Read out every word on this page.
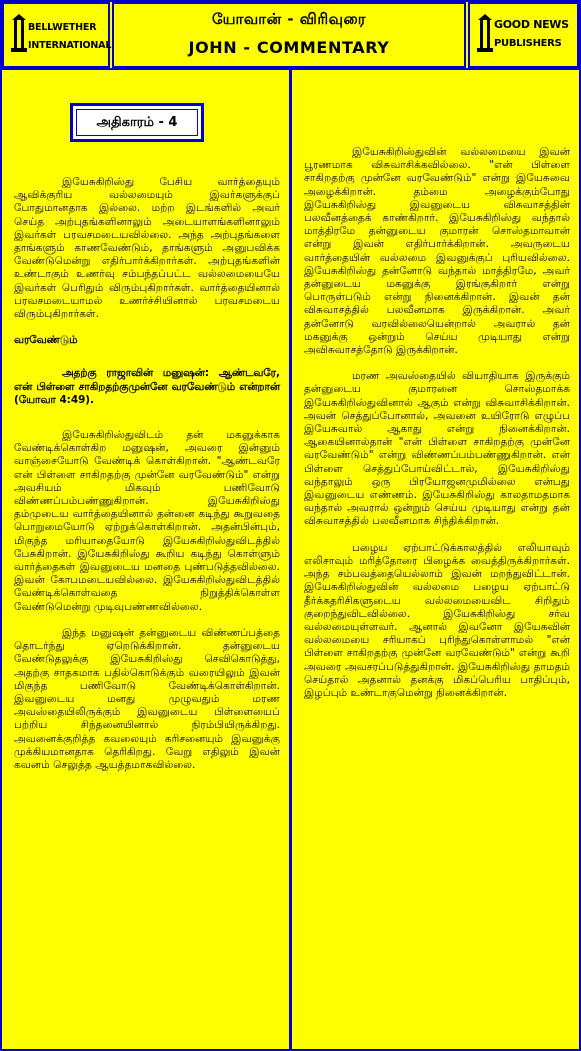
BELLWETHER
INTERNATIONAL
யோவான் - விரிவுரை
JOHN - COMMENTARY
GOOD NEWS
PUBLISHERS
அதிகாரம் - 4

இயேசுகிறிஸ்து பேசிய வார்த்தையும் ஆவிக்குரிய வல்லமையும் இவர்களுக்குப் போதுமானதாக இல்லை. மற்ற இடங்களில் அவர் செய்த அற்புதங்களினாலும் அடையாளங்களினாலும் இவர்கள் பரவசமடையவில்லை. அந்த அற்புதங்களை தாங்களும் காணவேண்டும், தாங்களும் அனுபவிக்க வேண்டுமென்று எதிர்பார்க்கிறார்கள். அற்புதங்களின் உண்டாகும் உணர்வு சம்பந்தப்பட்ட வல்லமையையே இவர்கள் பெரிதும் விரும்புகிறார்கள். வார்த்தையினால் பரவசமடையாமல் உணர்ச்சியினால் பரவசமடைய விரும்புகிறார்கள்.

வரவேண்டும்
அதற்கு ராஜாவின் மனுஷன்: ஆண்டவரே, என் பிள்ளை சாகிறதற்குமுன்னே வரவேண்டும் என்றான் (யோவா 4:49).

இயேசுகிறிஸ்துவிடம் தன் மகனுக்காக வேண்டிக்கொள்கிற மனுஷன், அவரை இன்னும் வாஞ்சையோடு வேண்டிக் கொள்கிறான். "ஆண்டவரே என் பிள்ளை சாகிறதற்கு முன்னே வரவேண்டும்" என்று அவசியம் மிகவும் பணிவோடு விண்ணப்பம்பண்ணுகிறான். இயேசுகிறிஸ்து தம்முடைய வார்த்தையினால் தன்னை கடிந்து கூறுவதை பொறுமையோடு ஏற்றுக்கொள்கிறான். அதன்பின்பும், மிகுந்த மரியாதையோடு இயேசுகிறிஸ்துவிடத்தில் பேசுகிறான். இயேசுகிறிஸ்து கூறிய கடிந்து கொள்ளும் வார்த்தைகள் இவனுடைய மனதை புண்படுத்தவில்லை. இவன் கோபமடையவில்லை. இயேசுகிறிஸ்துவிடத்தில் வேண்டிக்கொள்வதை நிறுத்திக்கொள்ள வேண்டுமென்று முடிவுபண்ணவில்லை.

இந்த மனுஷன் தன்னுடைய விண்ணப்பத்தை தொடர்ந்து ஏறெடுக்கிறான். தன்னுடைய வேண்டுதலுக்கு இயேசுகிறிஸ்து செவிகொடுத்து, அதற்கு சாதகமாக பதில்கொடுக்கும் வரையிலும் இவன் மிகுந்த பணிவோடு வேண்டிக்கொள்கிறான். இவனுடைய மனது முழுவதும் மரண அவஸ்தையிலிருக்கும் இவனுடைய பிள்ளையைப் பற்றிய சிந்தனையினால் நிரம்பியிருக்கிறது. அவனைக்குறித்த கவலையும் கரிசனையும் இவனுக்கு முக்கியமானதாக தெரிகிறது. வேறு எதிலும் இவன் கவனம் செலுத்த ஆயத்தமாகவில்லை.

இயேசுகிறிஸ்துவின் வல்லமையை இவன் பூரணமாக விசுவாசிக்கவில்லை. "என் பிள்ளை சாகிறதற்கு முன்னே வரவேண்டும்" என்று இயேசுவை அழைக்கிறான். தம்மை அழைக்கும்போது இயேசுகிறிஸ்து இவனுடைய விசுவாசத்தின் பலவீனத்தைக் காண்கிறார். இயேசுகிறிஸ்து வந்தால் மாத்திரமே தன்னுடைய குமாரன் சொஸ்தமாவான் என்று இவன் எதிர்பார்க்கிறான். அவருடைய வார்த்தையின் வல்லமை இவனுக்குப் புரியவில்லை. இயேசுகிறிஸ்து தன்னோடு வந்தால் மாத்திரமே, அவர் தன்னுடைய மகனுக்கு இரங்குகிறார் என்று பொருள்படும் என்று நினைக்கிறான். இவன் தன் விசுவாசத்தில் பலவீனமாக இருக்கிறான். அவர் தன்னோடு வரவில்லையென்றால் அவரால் தன் மகனுக்கு ஒன்றும் செய்ய முடியாது என்று அவிசுவாசத்தோடு இருக்கிறான்.

மரண அவஸ்தையில் வியாதியாக இருக்கும் தன்னுடைய குமாரனை சொஸ்தமாக்க இயேசுகிறிஸ்துவினால் ஆகும் என்று விசுவாசிக்கிறான். அவன் செத்துப்போனால், அவனை உயிரோடு எழுப்ப இயேசுவால் ஆகாது என்று நினைக்கிறான். ஆகையினால்தான் "என் பிள்ளை சாகிறதற்கு முன்னே வரவேண்டும்" என்று விண்ணப்பம்பண்ணுகிறான். என் பிள்ளை செத்துப்போய்விட்டால், இயேசுகிறிஸ்து வந்தாலும் ஒரு பிரயோஜனமுமில்லை என்பது இவனுடைய எண்ணம். இயேசுகிறிஸ்து காலதாமதமாக வந்தால் அவரால் ஒன்றும் செய்ய முடியாது என்று தன் விசுவாசத்தில் பலவீனமாக சிந்திக்கிறான்.

பழைய ஏற்பாட்டுக்காலத்தில் எலியாவும் எலிசாவும் மரித்தோரை பிழைக்க வைத்திருக்கிறார்கள். அந்த சம்பவத்தையெல்லாம் இவன் மறந்துவிட்டான். இயேசுகிறிஸ்துவின் வல்லமை பழைய ஏற்பாட்டு தீர்க்கதரிசிகளுடைய வல்லமையைவிட சிறிதும் குறைந்துவிடவில்லை. இயேசுகிறிஸ்து சர்வ வல்லமையுள்ளவர். ஆனால் இவனோ இயேசுவின் வல்லமையை சரியாகப் புரிந்துகொள்ளாமல் "என் பிள்ளை சாகிறதற்கு முன்னே வரவேண்டும்" என்று கூறி அவரை அவசரப்படுத்துகிறான். இயேசுகிறிஸ்து தாமதம் செய்தால் அதனால் தனக்கு மிகப்பெரிய பாதிப்பும், இழப்பும் உண்டாகுமென்று நினைக்கிறான்.
